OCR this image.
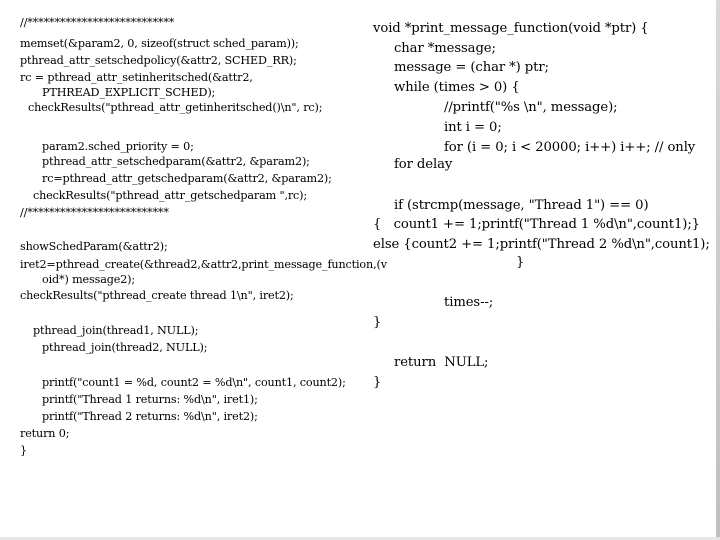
//***************************
memset(&param2, 0, sizeof(struct sched_param));
pthread_attr_setschedpolicy(&attr2, SCHED_RR);
rc = pthread_attr_setinheritsched(&attr2,
PTHREAD_EXPLICIT_SCHED);
checkResults("pthread_attr_getinheritsched()\n", rc);
param2.sched_priority = 0;
pthread_attr_setschedparam(&attr2, &param2);
rc=pthread_attr_getschedparam(&attr2, &param2);
checkResults("pthread_attr_getschedparam ",rc);
//**************************
showSchedParam(&attr2);
iret2=pthread_create(&thread2,&attr2,print_message_function,(v
oid*) message2);
checkResults("pthread_create thread 1\n", iret2);
pthread_join(thread1, NULL);
pthread_join(thread2, NULL);
printf("count1 = %d, count2 = %d\n", count1, count2);
printf("Thread 1 returns: %d\n", iret1);
printf("Thread 2 returns: %d\n", iret2);
return 0;
}
void *print_message_function(void *ptr) {
char *message;
message = (char *) ptr;
while (times > 0) {
//printf("%s \n", message);
int i = 0;
for (i = 0; i < 20000; i++) i++; // only
for delay
if (strcmp(message, "Thread 1") == 0)
{   count1 += 1;printf("Thread 1 %d\n",count1);}
else {count2 += 1;printf("Thread 2 %d\n",count1);
}
times--;
}
return  NULL;
}
